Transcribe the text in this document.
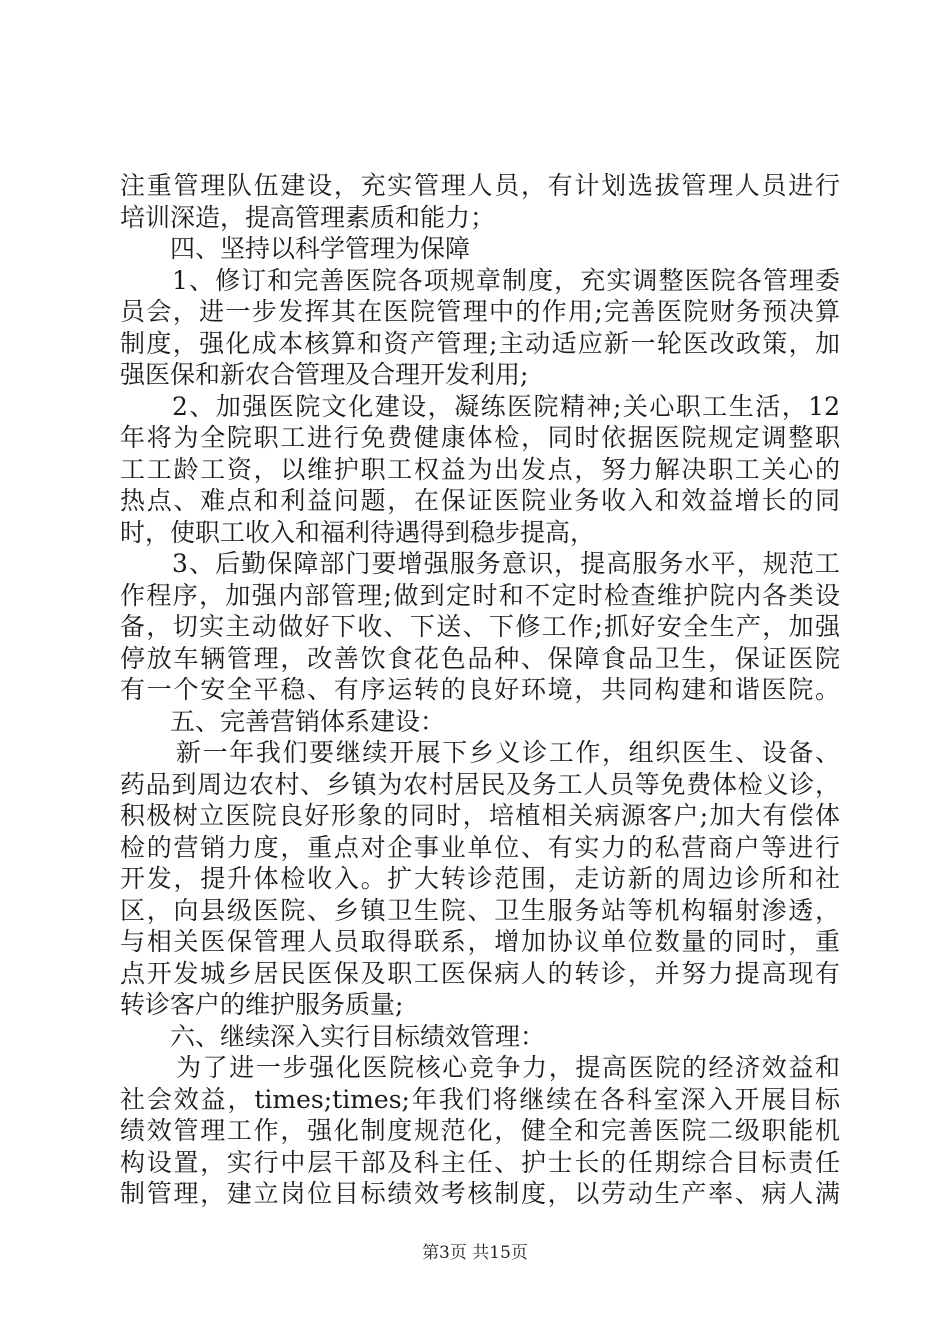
注重管理队伍建设，充实管理人员，有计划选拔管理人员进行
培训深造，提高管理素质和能力；
四、坚持以科学管理为保障
1、修订和完善医院各项规章制度，充实调整医院各管理委
员会，进一步发挥其在医院管理中的作用;完善医院财务预决算
制度，强化成本核算和资产管理;主动适应新一轮医改政策，加
强医保和新农合管理及合理开发利用;
2、加强医院文化建设，凝练医院精神;关心职工生活，12
年将为全院职工进行免费健康体检，同时依据医院规定调整职
工工龄工资，以维护职工权益为出发点，努力解决职工关心的
热点、难点和利益问题，在保证医院业务收入和效益增长的同
时，使职工收入和福利待遇得到稳步提高，
3、后勤保障部门要增强服务意识，提高服务水平，规范工
作程序，加强内部管理;做到定时和不定时检查维护院内各类设
备，切实主动做好下收、下送、下修工作;抓好安全生产，加强
停放车辆管理，改善饮食花色品种、保障食品卫生，保证医院
有一个安全平稳、有序运转的良好环境，共同构建和谐医院。
五、完善营销体系建设：
新一年我们要继续开展下乡义诊工作，组织医生、设备、
药品到周边农村、乡镇为农村居民及务工人员等免费体检义诊，
积极树立医院良好形象的同时，培植相关病源客户;加大有偿体
检的营销力度，重点对企事业单位、有实力的私营商户等进行
开发，提升体检收入。扩大转诊范围，走访新的周边诊所和社
区，向县级医院、乡镇卫生院、卫生服务站等机构辐射渗透，
与相关医保管理人员取得联系，增加协议单位数量的同时，重
点开发城乡居民医保及职工医保病人的转诊，并努力提高现有
转诊客户的维护服务质量;
六、继续深入实行目标绩效管理：
为了进一步强化医院核心竞争力，提高医院的经济效益和
社会效益，times;times;年我们将继续在各科室深入开展目标
绩效管理工作，强化制度规范化，健全和完善医院二级职能机
构设置，实行中层干部及科主任、护士长的任期综合目标责任
制管理，建立岗位目标绩效考核制度，以劳动生产率、病人满
第3页 共15页
